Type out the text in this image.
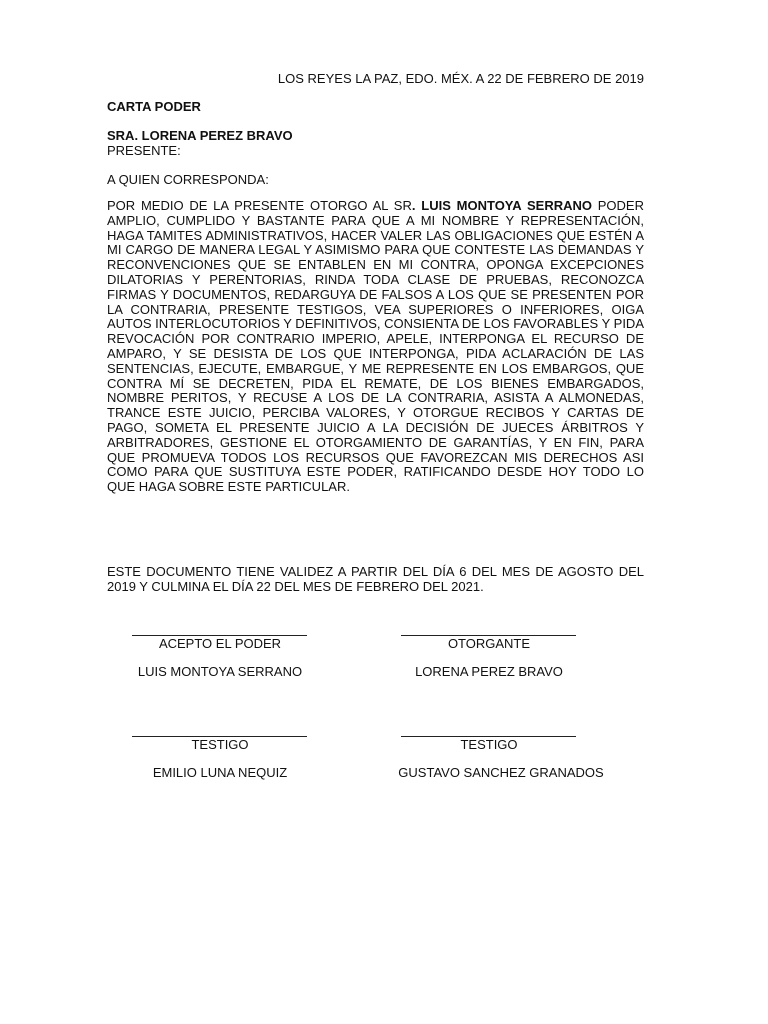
LOS REYES LA PAZ, EDO. MÉX. A 22 DE FEBRERO DE 2019
CARTA PODER
SRA. LORENA PEREZ BRAVO
PRESENTE:
A QUIEN CORRESPONDA:
POR MEDIO DE LA PRESENTE OTORGO AL SR. LUIS MONTOYA SERRANO PODER AMPLIO, CUMPLIDO Y BASTANTE PARA QUE A MI NOMBRE Y REPRESENTACIÓN, HAGA TAMITES ADMINISTRATIVOS, HACER VALER LAS OBLIGACIONES QUE ESTÉN A MI CARGO DE MANERA LEGAL Y ASIMISMO PARA QUE CONTESTE LAS DEMANDAS Y RECONVENCIONES QUE SE ENTABLEN EN MI CONTRA, OPONGA EXCEPCIONES DILATORIAS Y PERENTORIAS, RINDA TODA CLASE DE PRUEBAS, RECONOZCA FIRMAS Y DOCUMENTOS, REDARGUYA DE FALSOS A LOS QUE SE PRESENTEN POR LA CONTRARIA, PRESENTE TESTIGOS, VEA SUPERIORES O INFERIORES, OIGA AUTOS INTERLOCUTORIOS Y DEFINITIVOS, CONSIENTA DE LOS FAVORABLES Y PIDA REVOCACIÓN POR CONTRARIO IMPERIO, APELE, INTERPONGA EL RECURSO DE AMPARO, Y SE DESISTA DE LOS QUE INTERPONGA, PIDA ACLARACIÓN DE LAS SENTENCIAS, EJECUTE, EMBARGUE, Y ME REPRESENTE EN LOS EMBARGOS, QUE CONTRA MÍ SE DECRETEN, PIDA EL REMATE, DE LOS BIENES EMBARGADOS, NOMBRE PERITOS, Y RECUSE A LOS DE LA CONTRARIA, ASISTA A ALMONEDAS, TRANCE ESTE JUICIO, PERCIBA VALORES, Y OTORGUE RECIBOS Y CARTAS DE PAGO, SOMETA EL PRESENTE JUICIO A LA DECISIÓN DE JUECES ÁRBITROS Y ARBITRADORES, GESTIONE EL OTORGAMIENTO DE GARANTÍAS, Y EN FIN, PARA QUE PROMUEVA TODOS LOS RECURSOS QUE FAVOREZCAN MIS DERECHOS ASI COMO PARA QUE SUSTITUYA ESTE PODER, RATIFICANDO DESDE HOY TODO LO QUE HAGA SOBRE ESTE PARTICULAR.
ESTE DOCUMENTO TIENE VALIDEZ A PARTIR DEL DÍA 6 DEL MES DE AGOSTO DEL 2019 Y CULMINA EL DÍA 22 DEL MES DE FEBRERO DEL 2021.
ACEPTO EL PODER
LUIS MONTOYA SERRANO
OTORGANTE
LORENA PEREZ BRAVO
TESTIGO
EMILIO LUNA NEQUIZ
TESTIGO
GUSTAVO SANCHEZ GRANADOS
